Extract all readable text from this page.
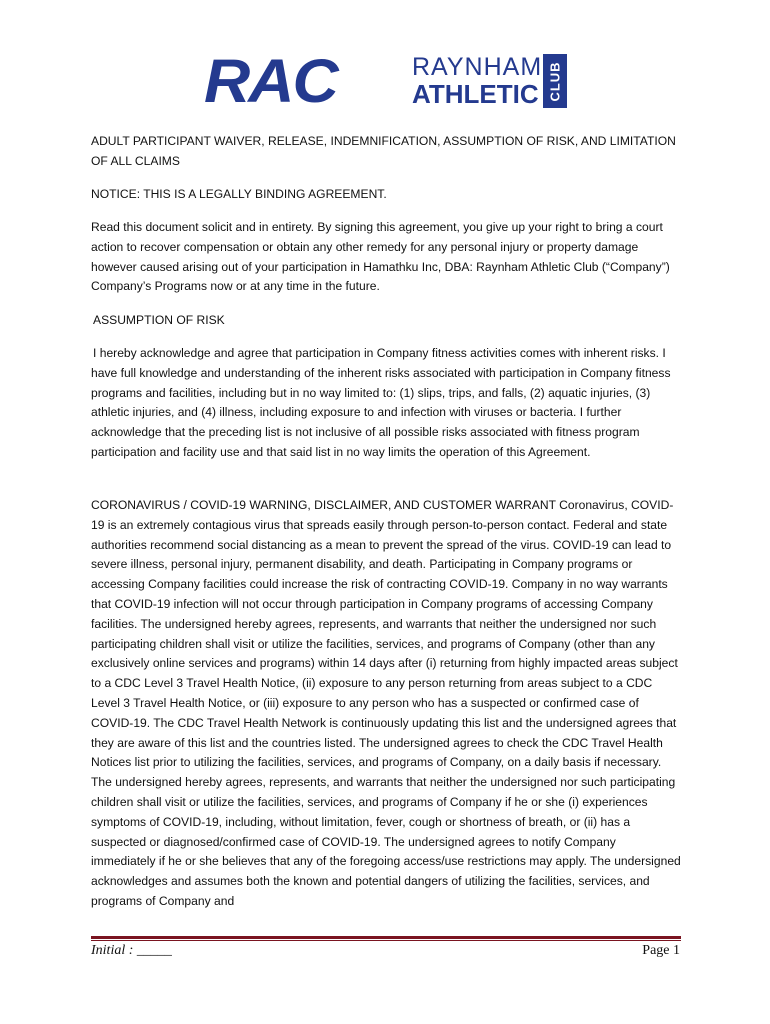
RAC	RAYNHAM
ATHLETIC CLUB

ADULT PARTICIPANT WAIVER, RELEASE, INDEMNIFICATION, ASSUMPTION OF RISK, AND LIMITATION OF ALL CLAIMS

NOTICE: THIS IS A LEGALLY BINDING AGREEMENT.

Read this document solicit and in entirety. By signing this agreement, you give up your right to bring a court action to recover compensation or obtain any other remedy for any personal injury or property damage however caused arising out of your participation in Hamathku Inc, DBA: Raynham Athletic Club (“Company”) Company’s Programs now or at any time in the future.

ASSUMPTION OF RISK

I hereby acknowledge and agree that participation in Company fitness activities comes with inherent risks. I have full knowledge and understanding of the inherent risks associated with participation in Company fitness programs and facilities, including but in no way limited to: (1) slips, trips, and falls, (2) aquatic injuries, (3) athletic injuries, and (4) illness, including exposure to and infection with viruses or bacteria. I further acknowledge that the preceding list is not inclusive of all possible risks associated with fitness program participation and facility use and that said list in no way limits the operation of this Agreement.

CORONAVIRUS / COVID-19 WARNING, DISCLAIMER, AND CUSTOMER WARRANT Coronavirus, COVID-19 is an extremely contagious virus that spreads easily through person-to-person contact. Federal and state authorities recommend social distancing as a mean to prevent the spread of the virus. COVID-19 can lead to severe illness, personal injury, permanent disability, and death. Participating in Company programs or accessing Company facilities could increase the risk of contracting COVID-19. Company in no way warrants that COVID-19 infection will not occur through participation in Company programs of accessing Company facilities. The undersigned hereby agrees, represents, and warrants that neither the undersigned nor such participating children shall visit or utilize the facilities, services, and programs of Company (other than any exclusively online services and programs) within 14 days after (i) returning from highly impacted areas subject to a CDC Level 3 Travel Health Notice, (ii) exposure to any person returning from areas subject to a CDC Level 3 Travel Health Notice, or (iii) exposure to any person who has a suspected or confirmed case of COVID-19. The CDC Travel Health Network is continuously updating this list and the undersigned agrees that they are aware of this list and the countries listed. The undersigned agrees to check the CDC Travel Health Notices list prior to utilizing the facilities, services, and programs of Company, on a daily basis if necessary. The undersigned hereby agrees, represents, and warrants that neither the undersigned nor such participating children shall visit or utilize the facilities, services, and programs of Company if he or she (i) experiences symptoms of COVID-19, including, without limitation, fever, cough or shortness of breath, or (ii) has a suspected or diagnosed/confirmed case of COVID-19. The undersigned agrees to notify Company immediately if he or she believes that any of the foregoing access/use restrictions may apply. The undersigned acknowledges and assumes both the known and potential dangers of utilizing the facilities, services, and programs of Company and

Initial : _____	Page 1
